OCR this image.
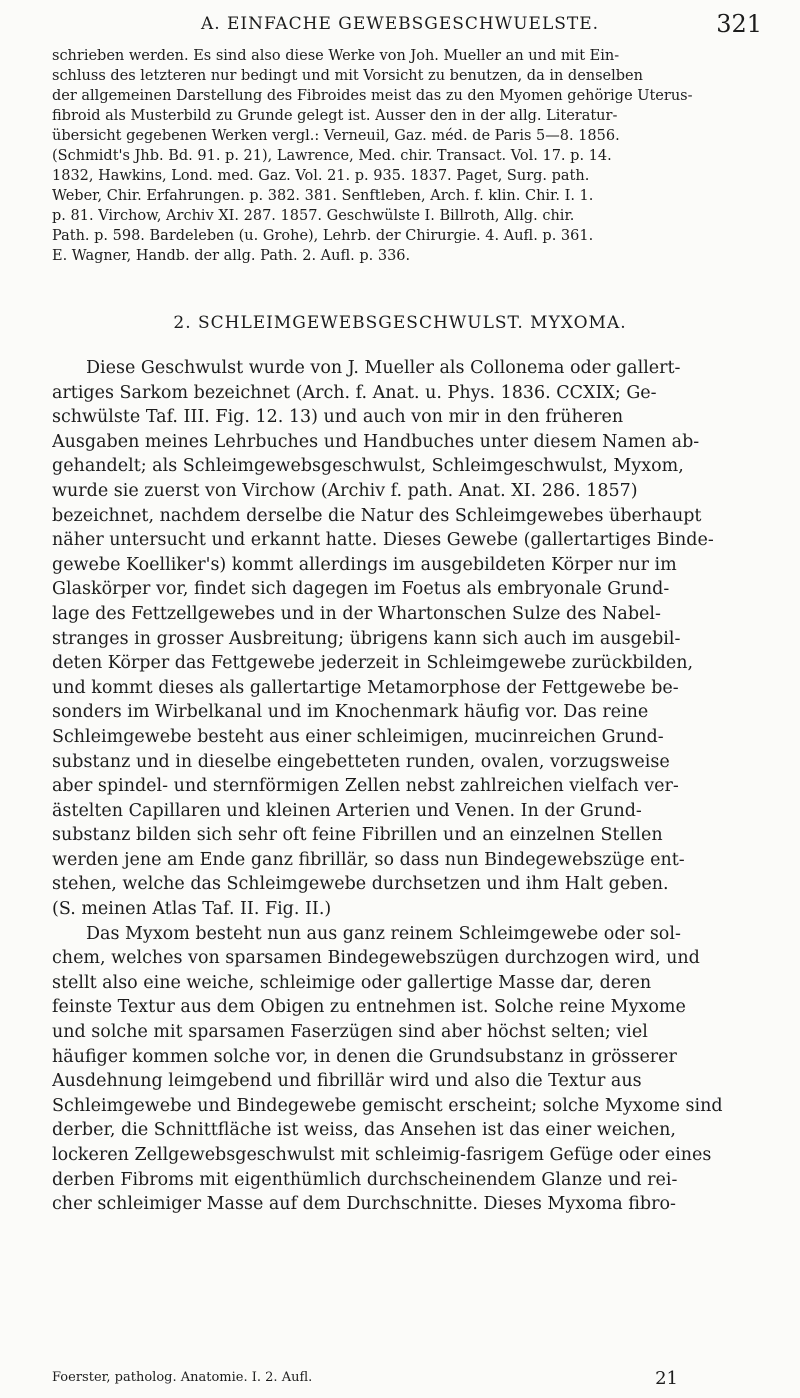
A. EINFACHE GEWEBSGESCHWUELSTE.	321
schrieben werden. Es sind also diese Werke von Joh. Mueller an und mit Ein-
schluss des letzteren nur bedingt und mit Vorsicht zu benutzen, da in denselben
der allgemeinen Darstellung des Fibroides meist das zu den Myomen gehörige Uterus-
fibroid als Musterbild zu Grunde gelegt ist. Ausser den in der allg. Literatur-
übersicht gegebenen Werken vergl.: Verneuil, Gaz. méd. de Paris 5—8. 1856.
(Schmidt's Jhb. Bd. 91. p. 21), Lawrence, Med. chir. Transact. Vol. 17. p. 14.
1832, Hawkins, Lond. med. Gaz. Vol. 21. p. 935. 1837. Paget, Surg. path.
Weber, Chir. Erfahrungen. p. 382. 381. Senftleben, Arch. f. klin. Chir. I. 1.
p. 81. Virchow, Archiv XI. 287. 1857. Geschwülste I. Billroth, Allg. chir.
Path. p. 598. Bardeleben (u. Grohe), Lehrb. der Chirurgie. 4. Aufl. p. 361.
E. Wagner, Handb. der allg. Path. 2. Aufl. p. 336.
2. SCHLEIMGEWEBSGESCHWULST. MYXOMA.
Diese Geschwulst wurde von J. Mueller als Collonema oder gallert-
artiges Sarkom bezeichnet (Arch. f. Anat. u. Phys. 1836. CCXIX; Ge-
schwülste Taf. III. Fig. 12. 13) und auch von mir in den früheren
Ausgaben meines Lehrbuches und Handbuches unter diesem Namen ab-
gehandelt; als Schleimgewebsgeschwulst, Schleimgeschwulst, Myxom,
wurde sie zuerst von Virchow (Archiv f. path. Anat. XI. 286. 1857)
bezeichnet, nachdem derselbe die Natur des Schleimgewebes überhaupt
näher untersucht und erkannt hatte. Dieses Gewebe (gallertartiges Binde-
gewebe Koelliker's) kommt allerdings im ausgebildeten Körper nur im
Glaskörper vor, findet sich dagegen im Foetus als embryonale Grund-
lage des Fettzellgewebes und in der Whartonschen Sulze des Nabel-
stranges in grosser Ausbreitung; übrigens kann sich auch im ausgebil-
deten Körper das Fettgewebe jederzeit in Schleimgewebe zurückbilden,
und kommt dieses als gallertartige Metamorphose der Fettgewebe be-
sonders im Wirbelkanal und im Knochenmark häufig vor. Das reine
Schleimgewebe besteht aus einer schleimigen, mucinreichen Grund-
substanz und in dieselbe eingebetteten runden, ovalen, vorzugsweise
aber spindel- und sternförmigen Zellen nebst zahlreichen vielfach ver-
ästelten Capillaren und kleinen Arterien und Venen. In der Grund-
substanz bilden sich sehr oft feine Fibrillen und an einzelnen Stellen
werden jene am Ende ganz fibrillär, so dass nun Bindegewebszüge ent-
stehen, welche das Schleimgewebe durchsetzen und ihm Halt geben.
(S. meinen Atlas Taf. II. Fig. II.)
Das Myxom besteht nun aus ganz reinem Schleimgewebe oder sol-
chem, welches von sparsamen Bindegewebszügen durchzogen wird, und
stellt also eine weiche, schleimige oder gallertige Masse dar, deren
feinste Textur aus dem Obigen zu entnehmen ist. Solche reine Myxome
und solche mit sparsamen Faserzügen sind aber höchst selten; viel
häufiger kommen solche vor, in denen die Grundsubstanz in grösserer
Ausdehnung leimgebend und fibrillär wird und also die Textur aus
Schleimgewebe und Bindegewebe gemischt erscheint; solche Myxome sind
derber, die Schnittfläche ist weiss, das Ansehen ist das einer weichen,
lockeren Zellgewebsgeschwulst mit schleimig-fasrigem Gefüge oder eines
derben Fibroms mit eigenthümlich durchscheinendem Glanze und rei-
cher schleimiger Masse auf dem Durchschnitte. Dieses Myxoma fibro-
Foerster, patholog. Anatomie. I. 2. Aufl.	21
